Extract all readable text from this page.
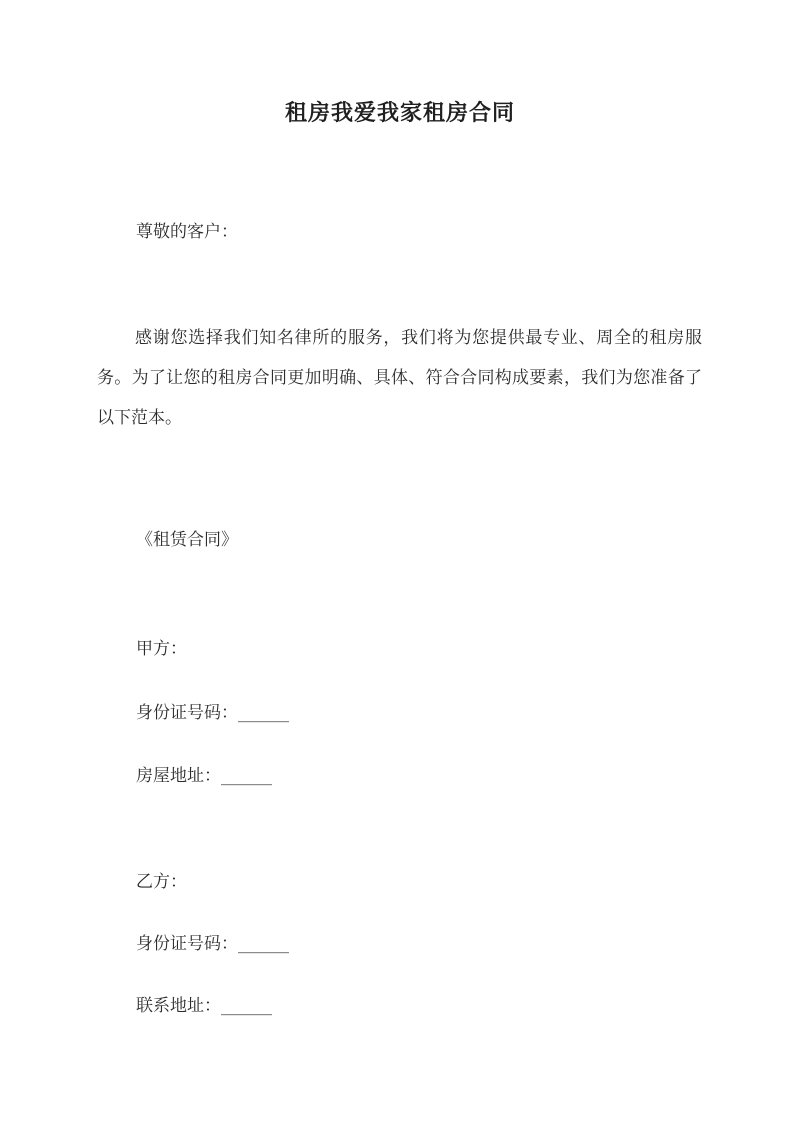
租房我爱我家租房合同
尊敬的客户：
感谢您选择我们知名律所的服务，我们将为您提供最专业、周全的租房服务。为了让您的租房合同更加明确、具体、符合合同构成要素，我们为您准备了以下范本。
《租赁合同》
甲方：
身份证号码：______
房屋地址：______
乙方：
身份证号码：______
联系地址：______
